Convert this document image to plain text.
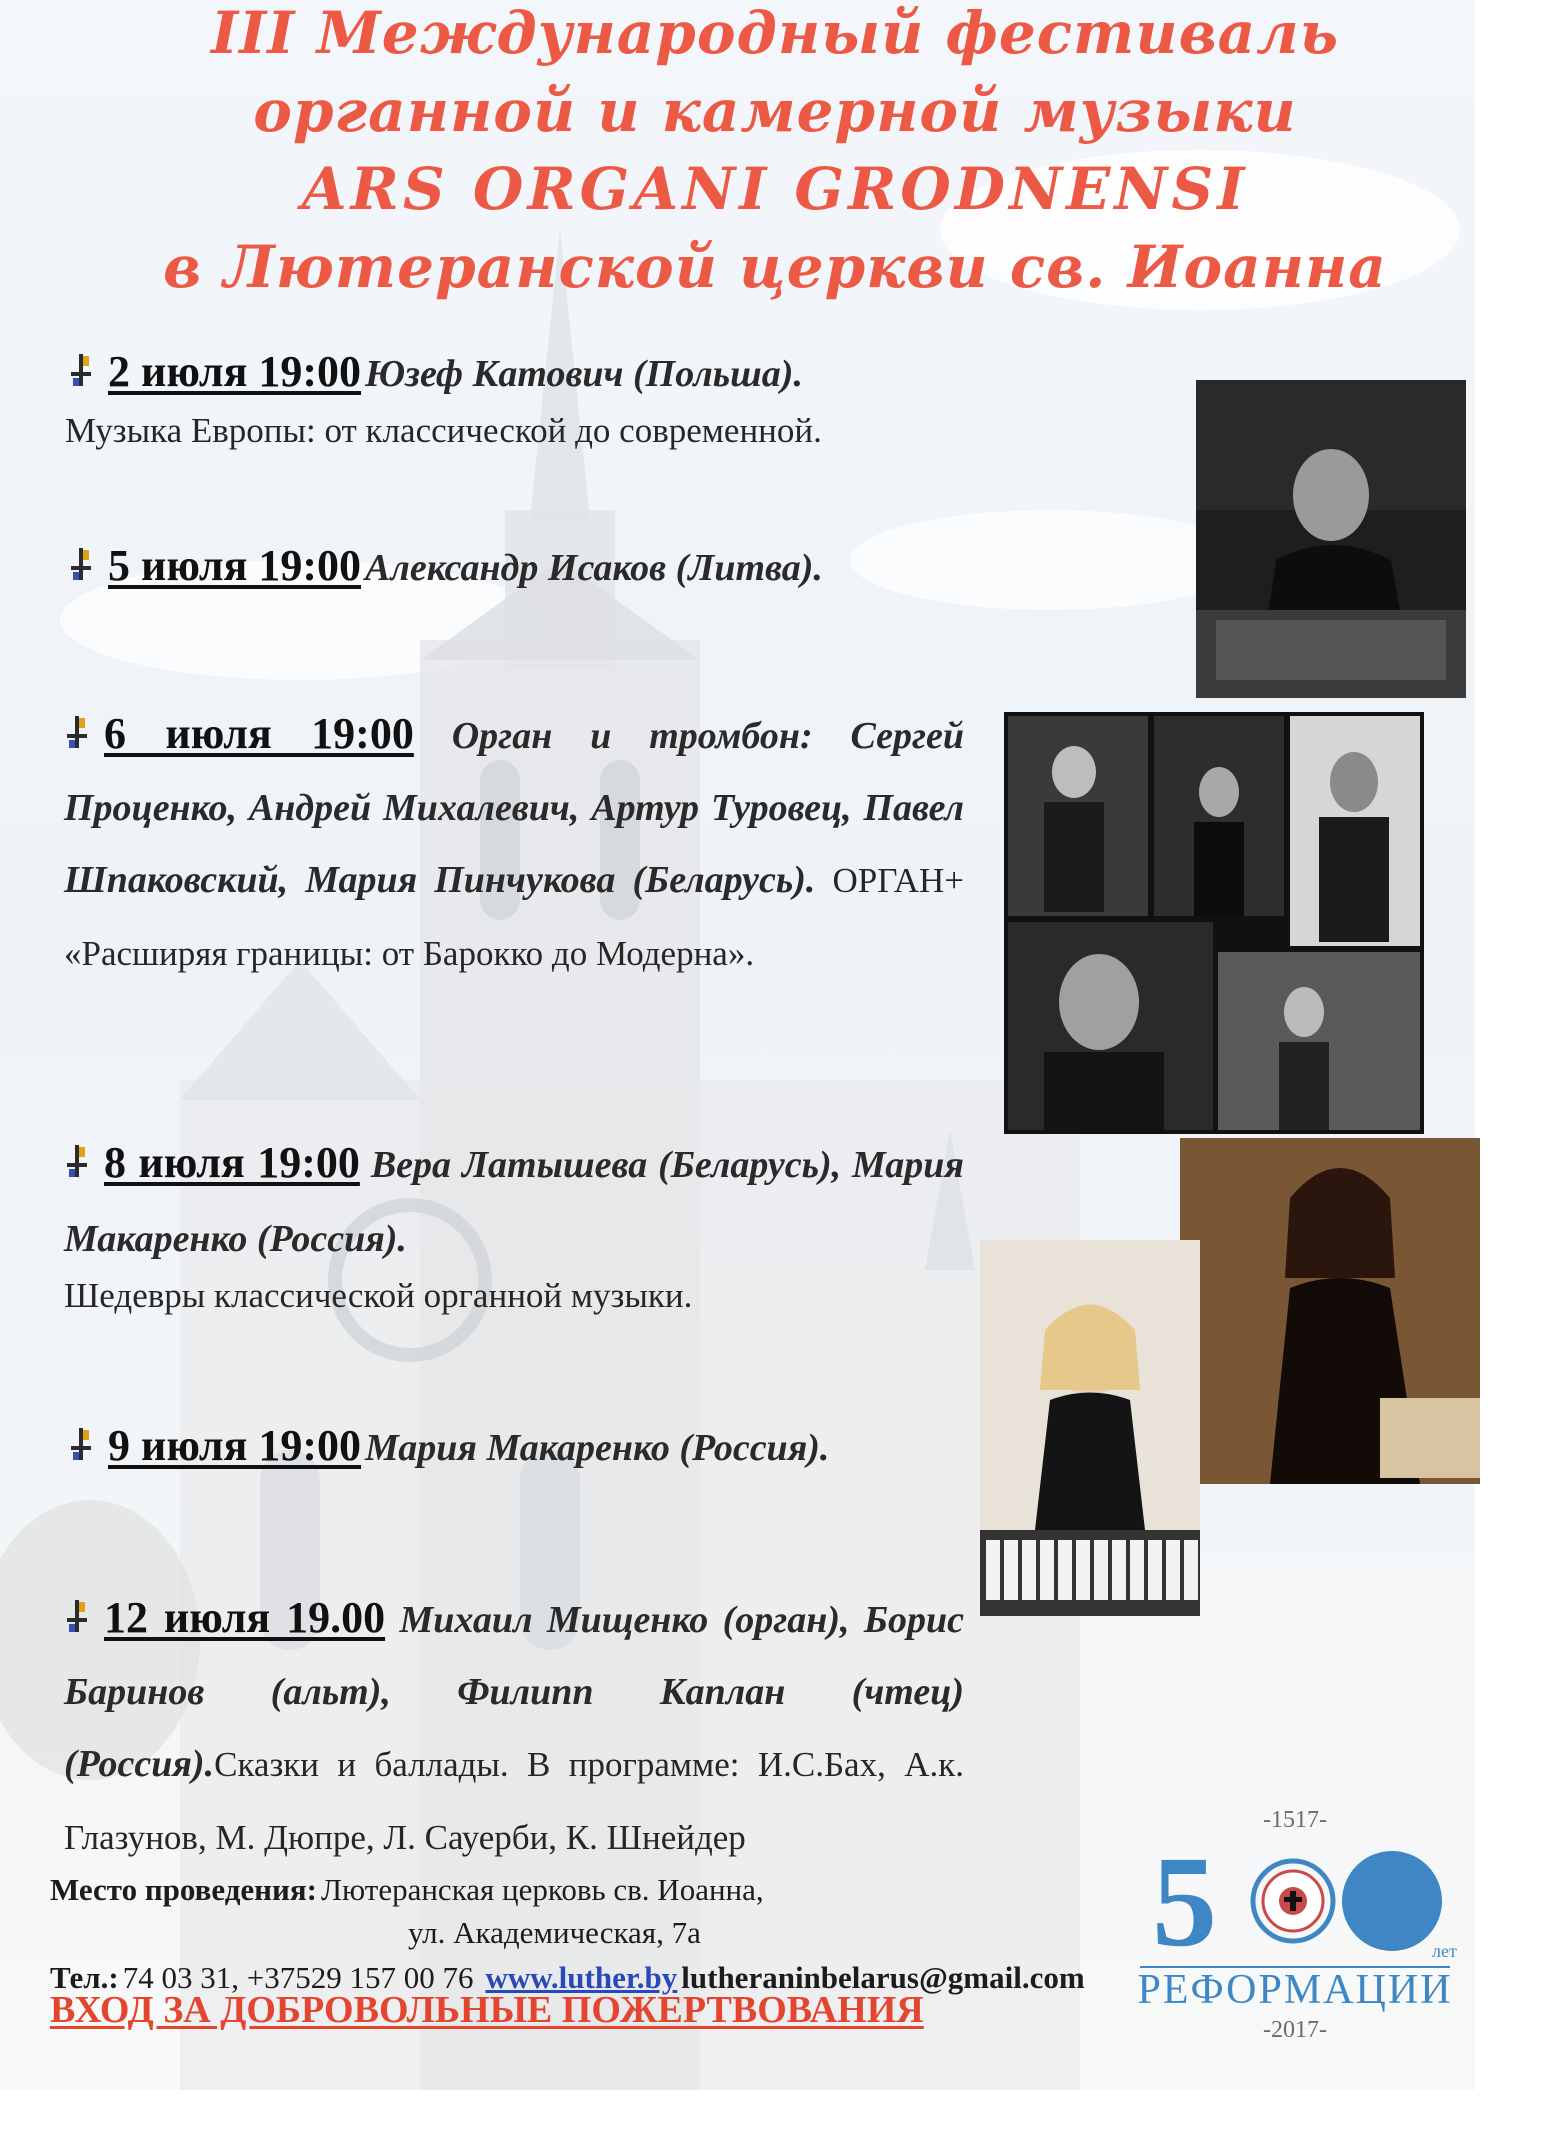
III Международный фестиваль
органной и камерной музыки
ARS ORGANI GRODNENSI
в Лютеранской церкви св. Иоанна
2 июля 19:00 Юзеф Катович (Польша).
Музыка Европы: от классической до современной.
5 июля 19:00 Александр Исаков (Литва).
6 июля 19:00 Орган и тромбон: Сергей Проценко, Андрей Михалевич, Артур Туровец, Павел Шпаковский, Мария Пинчукова (Беларусь). ОРГАН+ «Расширяя границы: от Барокко до Модерна».
8 июля 19:00 Вера Латышева (Беларусь), Мария Макаренко (Россия).
Шедевры классической органной музыки.
9 июля 19:00 Мария Макаренко (Россия).
12 июля 19.00 Михаил Мищенко (орган), Борис Баринов (альт), Филипп Каплан (чтец) (Россия).Сказки и баллады. В программе: И.С.Бах, А.к. Глазунов, М. Дюпре, Л. Сауерби, К. Шнейдер
Место проведения: Лютеранская церковь св. Иоанна,
ул. Академическая, 7а
Тел.: 74 03 31, +37529 157 00 76 www.luther.by lutheraninbelarus@gmail.com
ВХОД ЗА ДОБРОВОЛЬНЫЕ ПОЖЕРТВОВАНИЯ
-1517-
5	лет
РЕФОРМАЦИИ
-2017-
